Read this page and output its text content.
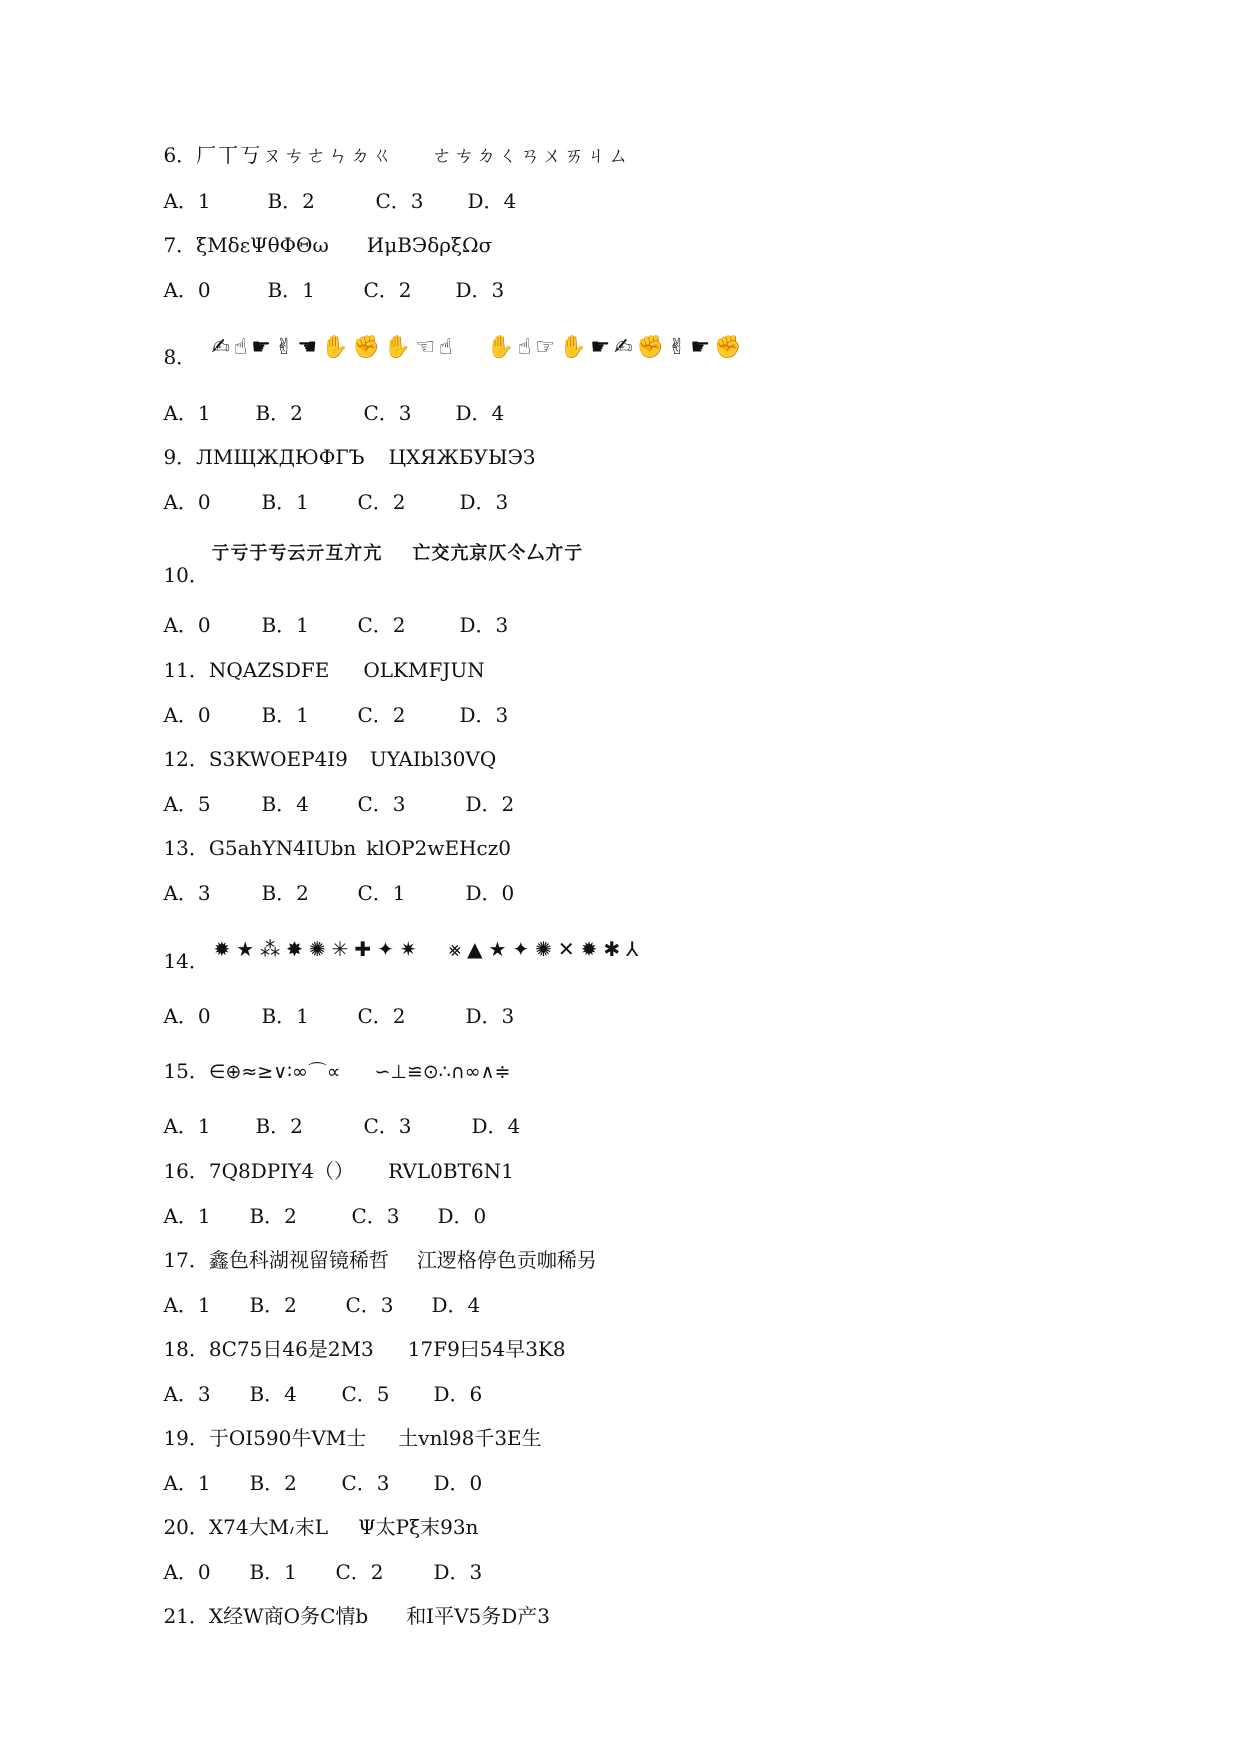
6．厂丅丂ㄡㄘㄜㄣㄉㄍ ㄜㄘㄉㄑㄢㄨㄞㄐㄙ

A．1	B．2	C．3 D．4

7．ξMδεΨθΦΘω ИμBЭδρξΩσ

A．0	B．1 C．2 D．3

8．
✍☝☛✌☚✋✊✋☜☝ ✋☝☞✋☛✍✊✌☛✊

A．1 B．2	C．3 D．4

9．ЛМЩЖДЮФГЪ ЦХЯЖБУЫЭЗ

A．0	B．1 C．2	D．3

10．

亍亏于亐云亓互亣亢 亡交亢京仄仒厶亣亍

A．0	B．1 C．2	D．3

11．NQAZSDFE OLKMFJUN

A．0	B．1 C．2	D．3

12．S3KWOEP4I9 UYAIbl30VQ

A．5	B．4 C．3	D．2

13．G5ahYN4IUbn klOP2wEHcz0

A．3	B．2 C．1	D．0

14．
✹★⁂✸✺✳✚✦✷ ⨳▲★✦✺✕✹✱⅄

A．0	B．1 C．2	D．3

15．∈⊕≈≥∨∶∞⌒∝ ∽⊥≌⊙∴∩∞∧≑

A．1 B．2	C．3	D．4

16．7Q8DPIY4（） RVL0BT6N1

A．1 B．2	C．3 D．0

17．鑫色科湖视留镜稀哲 江逻格停色贡咖稀另

A．1 B．2 C．3 D．4

18．8C75日46是2M3 17F9曰54早3K8

A．3 B．4 C．5 D．6

19．于OI590牛VM士 土vnl98千3E生

A．1 B．2 C．3 D．0

20．X74大M៸末L Ψ太Pξ末93n

A．0 B．1 C．2 D．3

21．X经W商O务C情b 和I平V5务D产3
